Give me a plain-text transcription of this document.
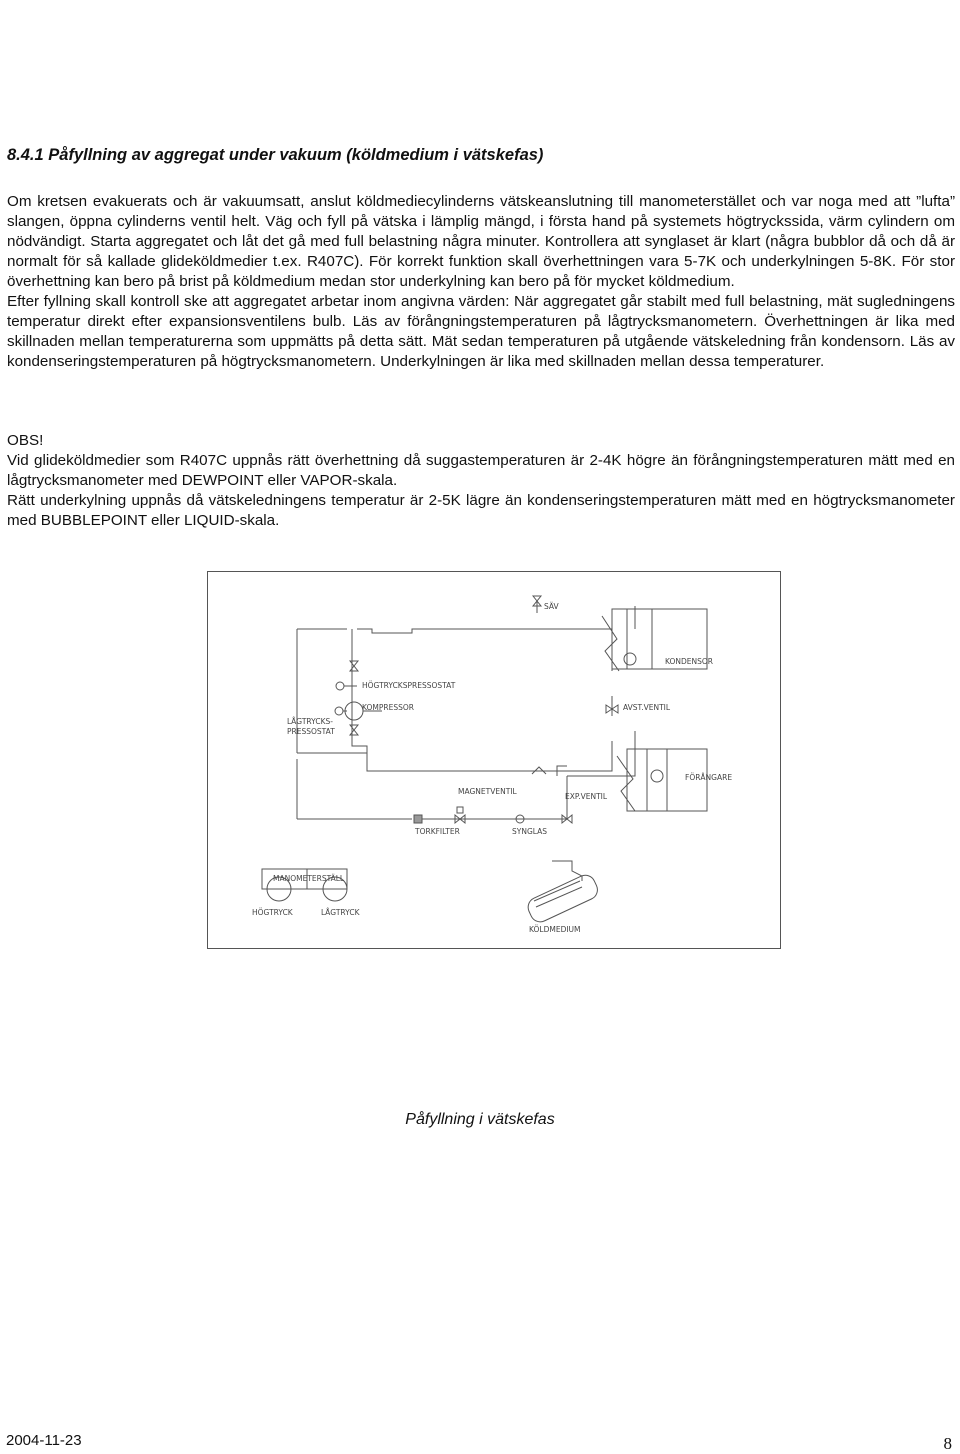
8.4.1 Påfyllning av aggregat under vakuum (köldmedium i vätskefas)

Om kretsen evakuerats och är vakuumsatt, anslut köldmediecylinderns vätskeanslutning till manometerstället och var noga med att ”lufta” slangen, öppna cylinderns ventil helt. Väg och fyll på vätska i lämplig mängd, i första hand på systemets högtryckssida, värm cylindern om nödvändigt. Starta aggregatet och låt det gå med full belastning några minuter. Kontrollera att synglaset är klart (några bubblor då och då är normalt för så kallade glideköldmedier t.ex. R407C). För korrekt funktion skall överhettningen vara 5-7K och underkylningen 5-8K. För stor överhettning kan bero på brist på köldmedium medan stor underkylning kan bero på för mycket köldmedium.

Efter fyllning skall kontroll ske att aggregatet arbetar inom angivna värden: När aggregatet går stabilt med full belastning, mät sugledningens temperatur direkt efter expansionsventilens bulb. Läs av förångningstemperaturen på lågtrycksmanometern. Överhettningen är lika med skillnaden mellan temperaturerna som uppmätts på detta sätt. Mät sedan temperaturen på utgående vätskeledning från kondensorn. Läs av kondenseringstemperaturen på högtrycksmanometern. Underkylningen är lika med skillnaden mellan dessa temperaturer.

OBS!

Vid glideköldmedier som R407C uppnås rätt överhettning då suggastemperaturen är 2-4K högre än förångningstemperaturen mätt med en lågtrycksmanometer med DEWPOINT eller VAPOR-skala.

Rätt underkylning uppnås då vätskeledningens temperatur är 2-5K lägre än kondenseringstemperaturen mätt med en högtrycksmanometer med BUBBLEPOINT eller LIQUID-skala.

SÄV
KONDENSOR
HÖGTRYCKSPRESSOSTAT
KOMPRESSOR
LÅGTRYCKS-
PRESSOSTAT
AVST.VENTIL
FÖRÅNGARE
MAGNETVENTIL
EXP.VENTIL
TORKFILTER	SYNGLAS
MANOMETERSTÄLL
HÖGTRYCK	LÅGTRYCK
KÖLDMEDIUM
Påfyllning i vätskefas
2004-11-23	8
